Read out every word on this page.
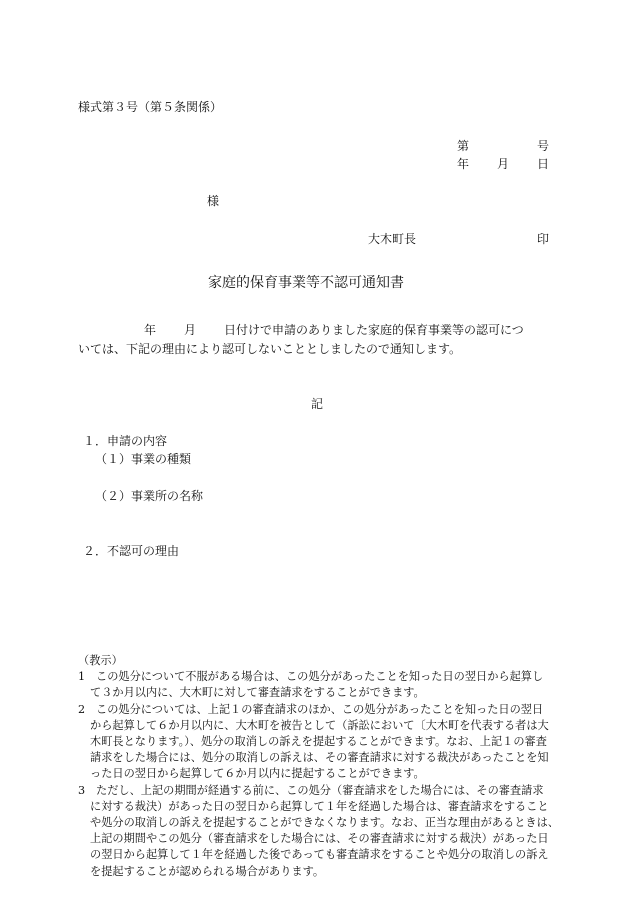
様式第３号（第５条関係）
第	号
年 月 日
様
大木町長	印
家庭的保育事業等不認可通知書
年 月 日付けで申請のありました家庭的保育事業等の認可につ
いては、下記の理由により認可しないこととしましたので通知します。
記
１．申請の内容
（１）事業の種類
（２）事業所の名称
２．不認可の理由
（教示）
1 この処分について不服がある場合は、この処分があったことを知った日の翌日から起算し
て３か月以内に、大木町に対して審査請求をすることができます。
2 この処分については、上記１の審査請求のほか、この処分があったことを知った日の翌日
から起算して６か月以内に、大木町を被告として（訴訟において〔大木町を代表する者は大
木町長となります。）、処分の取消しの訴えを提起することができます。なお、上記１の審査
請求をした場合には、処分の取消しの訴えは、その審査請求に対する裁決があったことを知
った日の翌日から起算して６か月以内に提起することができます。
3 ただし、上記の期間が経過する前に、この処分（審査請求をした場合には、その審査請求
に対する裁決）があった日の翌日から起算して１年を経過した場合は、審査請求をすること
や処分の取消しの訴えを提起することができなくなります。なお、正当な理由があるときは、
上記の期間やこの処分（審査請求をした場合には、その審査請求に対する裁決）があった日
の翌日から起算して１年を経過した後であっても審査請求をすることや処分の取消しの訴え
を提起することが認められる場合があります。
